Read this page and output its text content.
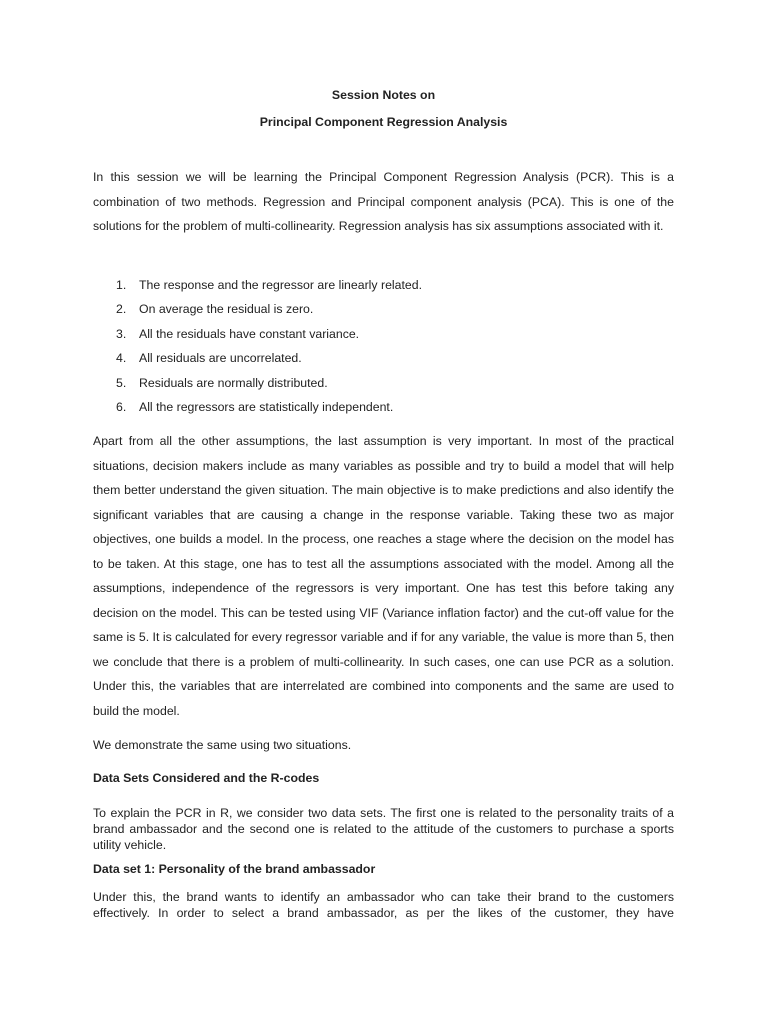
Session Notes on
Principal Component Regression Analysis

In this session we will be learning the Principal Component Regression Analysis (PCR). This is a combination of two methods. Regression and Principal component analysis (PCA). This is one of the solutions for the problem of multi-collinearity. Regression analysis has six assumptions associated with it.

1. The response and the regressor are linearly related.
2. On average the residual is zero.
3. All the residuals have constant variance.
4. All residuals are uncorrelated.
5. Residuals are normally distributed.
6. All the regressors are statistically independent.

Apart from all the other assumptions, the last assumption is very important. In most of the practical situations, decision makers include as many variables as possible and try to build a model that will help them better understand the given situation. The main objective is to make predictions and also identify the significant variables that are causing a change in the response variable. Taking these two as major objectives, one builds a model. In the process, one reaches a stage where the decision on the model has to be taken. At this stage, one has to test all the assumptions associated with the model. Among all the assumptions, independence of the regressors is very important. One has test this before taking any decision on the model. This can be tested using VIF (Variance inflation factor) and the cut-off value for the same is 5. It is calculated for every regressor variable and if for any variable, the value is more than 5, then we conclude that there is a problem of multi-collinearity. In such cases, one can use PCR as a solution. Under this, the variables that are interrelated are combined into components and the same are used to build the model.

We demonstrate the same using two situations.

Data Sets Considered and the R-codes

To explain the PCR in R, we consider two data sets. The first one is related to the personality traits of a brand ambassador and the second one is related to the attitude of the customers to purchase a sports utility vehicle.

Data set 1: Personality of the brand ambassador

Under this, the brand wants to identify an ambassador who can take their brand to the customers effectively. In order to select a brand ambassador, as per the likes of the customer, they have
